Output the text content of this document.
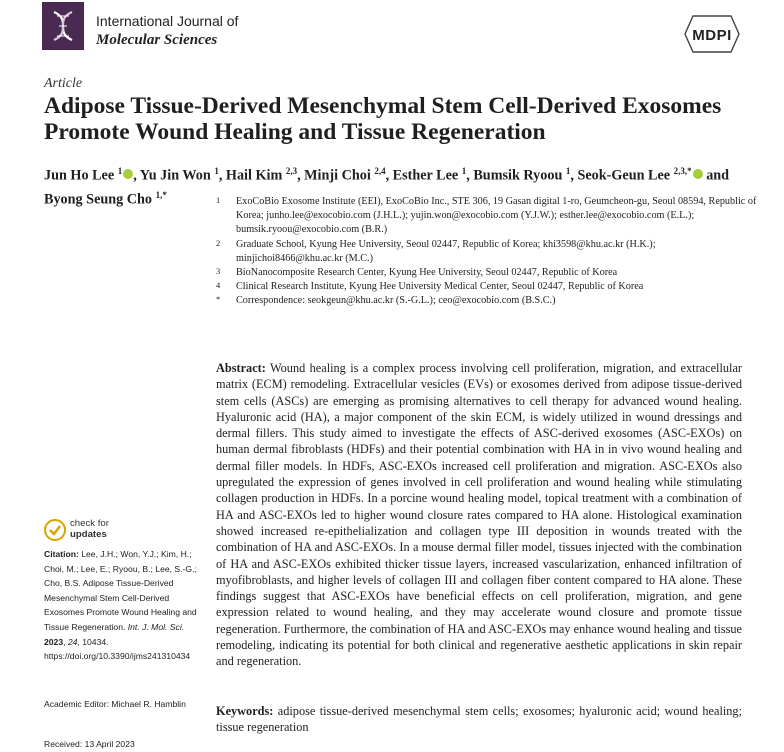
International Journal of
Molecular Sciences	MDPI
Article
Adipose Tissue-Derived Mesenchymal Stem Cell-Derived Exosomes Promote Wound Healing and Tissue Regeneration
Jun Ho Lee $^1$ , Yu Jin Won $^1$, Hail Kim $^{2,3}$, Minji Choi $^{2,4}$, Esther Lee $^1$, Bumsik Ryoou $^1$, Seok-Geun Lee $^{2,3,*}$ and Byong Seung Cho $^{1,*}$
1 ExoCoBio Exosome Institute (EEI), ExoCoBio Inc., STE 306, 19 Gasan digital 1-ro, Geumcheon-gu, Seoul 08594, Republic of Korea; junho.lee@exocobio.com (J.H.L.); yujin.won@exocobio.com (Y.J.W.); esther.lee@exocobio.com (E.L.); bumsik.ryoou@exocobio.com (B.R.)
2 Graduate School, Kyung Hee University, Seoul 02447, Republic of Korea; khi3598@khu.ac.kr (H.K.); minjichoi8466@khu.ac.kr (M.C.)
3 BioNanocomposite Research Center, Kyung Hee University, Seoul 02447, Republic of Korea
4 Clinical Research Institute, Kyung Hee University Medical Center, Seoul 02447, Republic of Korea
* Correspondence: seokgeun@khu.ac.kr (S.-G.L.); ceo@exocobio.com (B.S.C.)
Abstract: Wound healing is a complex process involving cell proliferation, migration, and extracellular matrix (ECM) remodeling. Extracellular vesicles (EVs) or exosomes derived from adipose tissue-derived stem cells (ASCs) are emerging as promising alternatives to cell therapy for advanced wound healing. Hyaluronic acid (HA), a major component of the skin ECM, is widely utilized in wound dressings and dermal fillers. This study aimed to investigate the effects of ASC-derived exosomes (ASC-EXOs) on human dermal fibroblasts (HDFs) and their potential combination with HA in in vivo wound healing and dermal filler models. In HDFs, ASC-EXOs increased cell proliferation and migration. ASC-EXOs also upregulated the expression of genes involved in cell proliferation and wound healing while stimulating collagen production in HDFs. In a porcine wound healing model, topical treatment with a combination of HA and ASC-EXOs led to higher wound closure rates compared to HA alone. Histological examination showed increased re-epithelialization and collagen type III deposition in wounds treated with the combination of HA and ASC-EXOs. In a mouse dermal filler model, tissues injected with the combination of HA and ASC-EXOs exhibited thicker tissue layers, increased vascularization, enhanced infiltration of myofibroblasts, and higher levels of collagen III and collagen fiber content compared to HA alone. These findings suggest that ASC-EXOs have beneficial effects on cell proliferation, migration, and gene expression related to wound healing, and they may accelerate wound closure and promote tissue regeneration. Furthermore, the combination of HA and ASC-EXOs may enhance wound healing and tissue remodeling, indicating its potential for both clinical and regenerative aesthetic applications in skin repair and regeneration.
Keywords: adipose tissue-derived mesenchymal stem cells; exosomes; hyaluronic acid; wound healing; tissue regeneration
check for
updates
Citation: Lee, J.H.; Won, Y.J.; Kim, H.; Choi, M.; Lee, E.; Ryoou, B.; Lee, S.-G.; Cho, B.S. Adipose Tissue-Derived Mesenchymal Stem Cell-Derived Exosomes Promote Wound Healing and Tissue Regeneration. Int. J. Mol. Sci. 2023, 24, 10434. https://doi.org/10.3390/ijms241310434
Academic Editor: Michael R. Hamblin
Received: 13 April 2023
